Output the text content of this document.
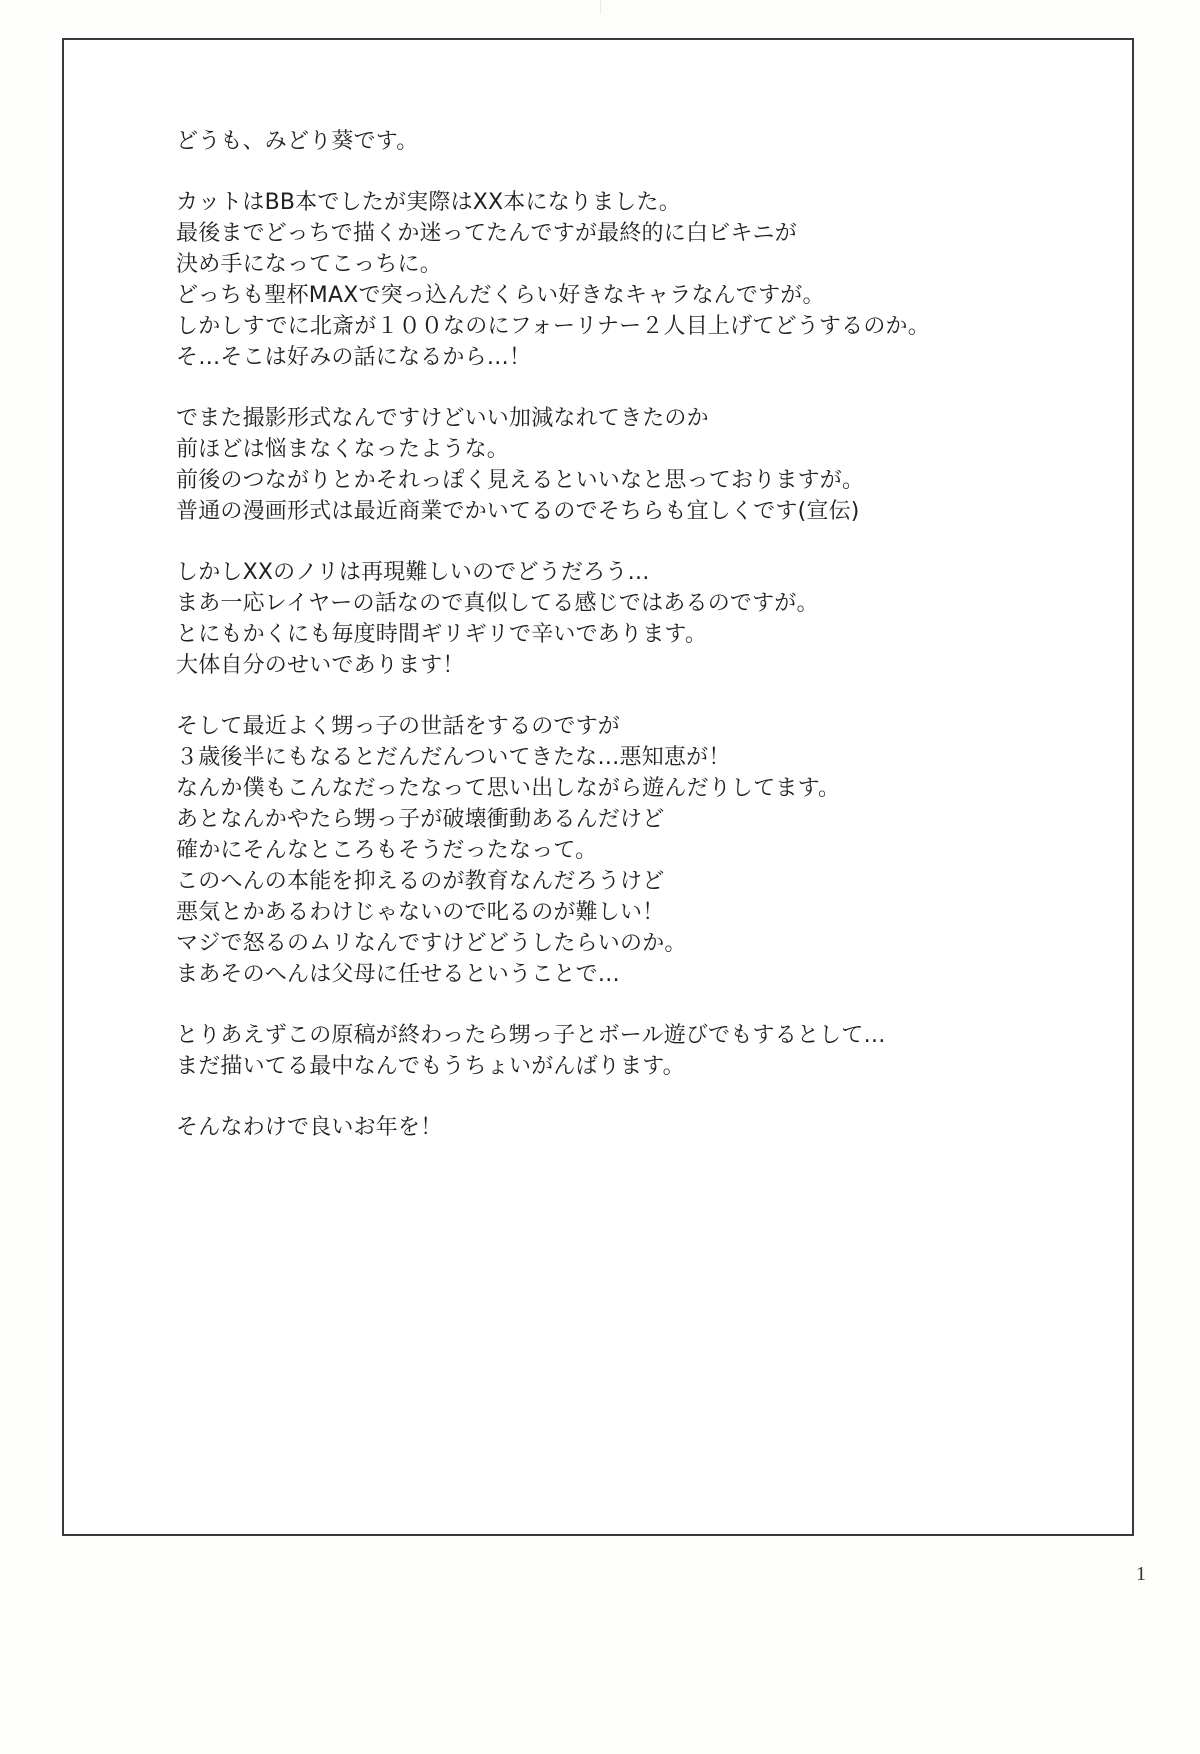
どうも、みどり葵です。
カットはBB本でしたが実際はXX本になりました。
最後までどっちで描くか迷ってたんですが最終的に白ビキニが
決め手になってこっちに。
どっちも聖杯MAXで突っ込んだくらい好きなキャラなんですが。
しかしすでに北斎が１００なのにフォーリナー２人目上げてどうするのか。
そ…そこは好みの話になるから…！
でまた撮影形式なんですけどいい加減なれてきたのか
前ほどは悩まなくなったような。
前後のつながりとかそれっぽく見えるといいなと思っておりますが。
普通の漫画形式は最近商業でかいてるのでそちらも宜しくです(宣伝)
しかしXXのノリは再現難しいのでどうだろう…
まあ一応レイヤーの話なので真似してる感じではあるのですが。
とにもかくにも毎度時間ギリギリで辛いであります。
大体自分のせいであります！
そして最近よく甥っ子の世話をするのですが
３歳後半にもなるとだんだんついてきたな…悪知恵が！
なんか僕もこんなだったなって思い出しながら遊んだりしてます。
あとなんかやたら甥っ子が破壊衝動あるんだけど
確かにそんなところもそうだったなって。
このへんの本能を抑えるのが教育なんだろうけど
悪気とかあるわけじゃないので叱るのが難しい！
マジで怒るのムリなんですけどどうしたらいのか。
まあそのへんは父母に任せるということで…
とりあえずこの原稿が終わったら甥っ子とボール遊びでもするとして…
まだ描いてる最中なんでもうちょいがんばります。
そんなわけで良いお年を！
1
